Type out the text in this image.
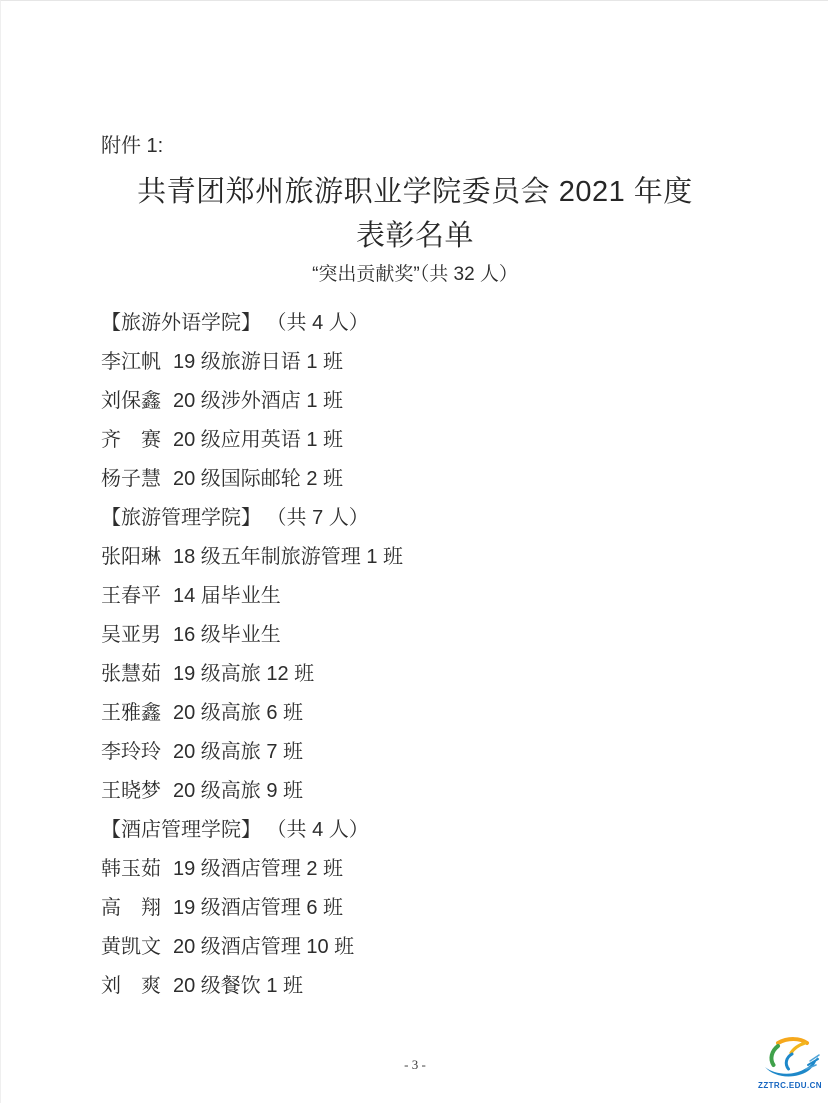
附件 1:
共青团郑州旅游职业学院委员会 2021 年度
表彰名单
“突出贡献奖”（共 32 人）
【旅游外语学院】 （共 4 人）
李江帆 19 级旅游日语 1 班
刘保鑫 20 级涉外酒店 1 班
齐　赛 20 级应用英语 1 班
杨子慧 20 级国际邮轮 2 班
【旅游管理学院】 （共 7 人）
张阳琳 18 级五年制旅游管理 1 班
王春平 14 届毕业生
吴亚男 16 级毕业生
张慧茹 19 级高旅 12 班
王雅鑫 20 级高旅 6 班
李玲玲 20 级高旅 7 班
王晓梦 20 级高旅 9 班
【酒店管理学院】 （共 4 人）
韩玉茹 19 级酒店管理 2 班
高　翔 19 级酒店管理 6 班
黄凯文 20 级酒店管理 10 班
刘　爽 20 级餐饮 1 班
- 3 -
ZZTRC.EDU.CN
